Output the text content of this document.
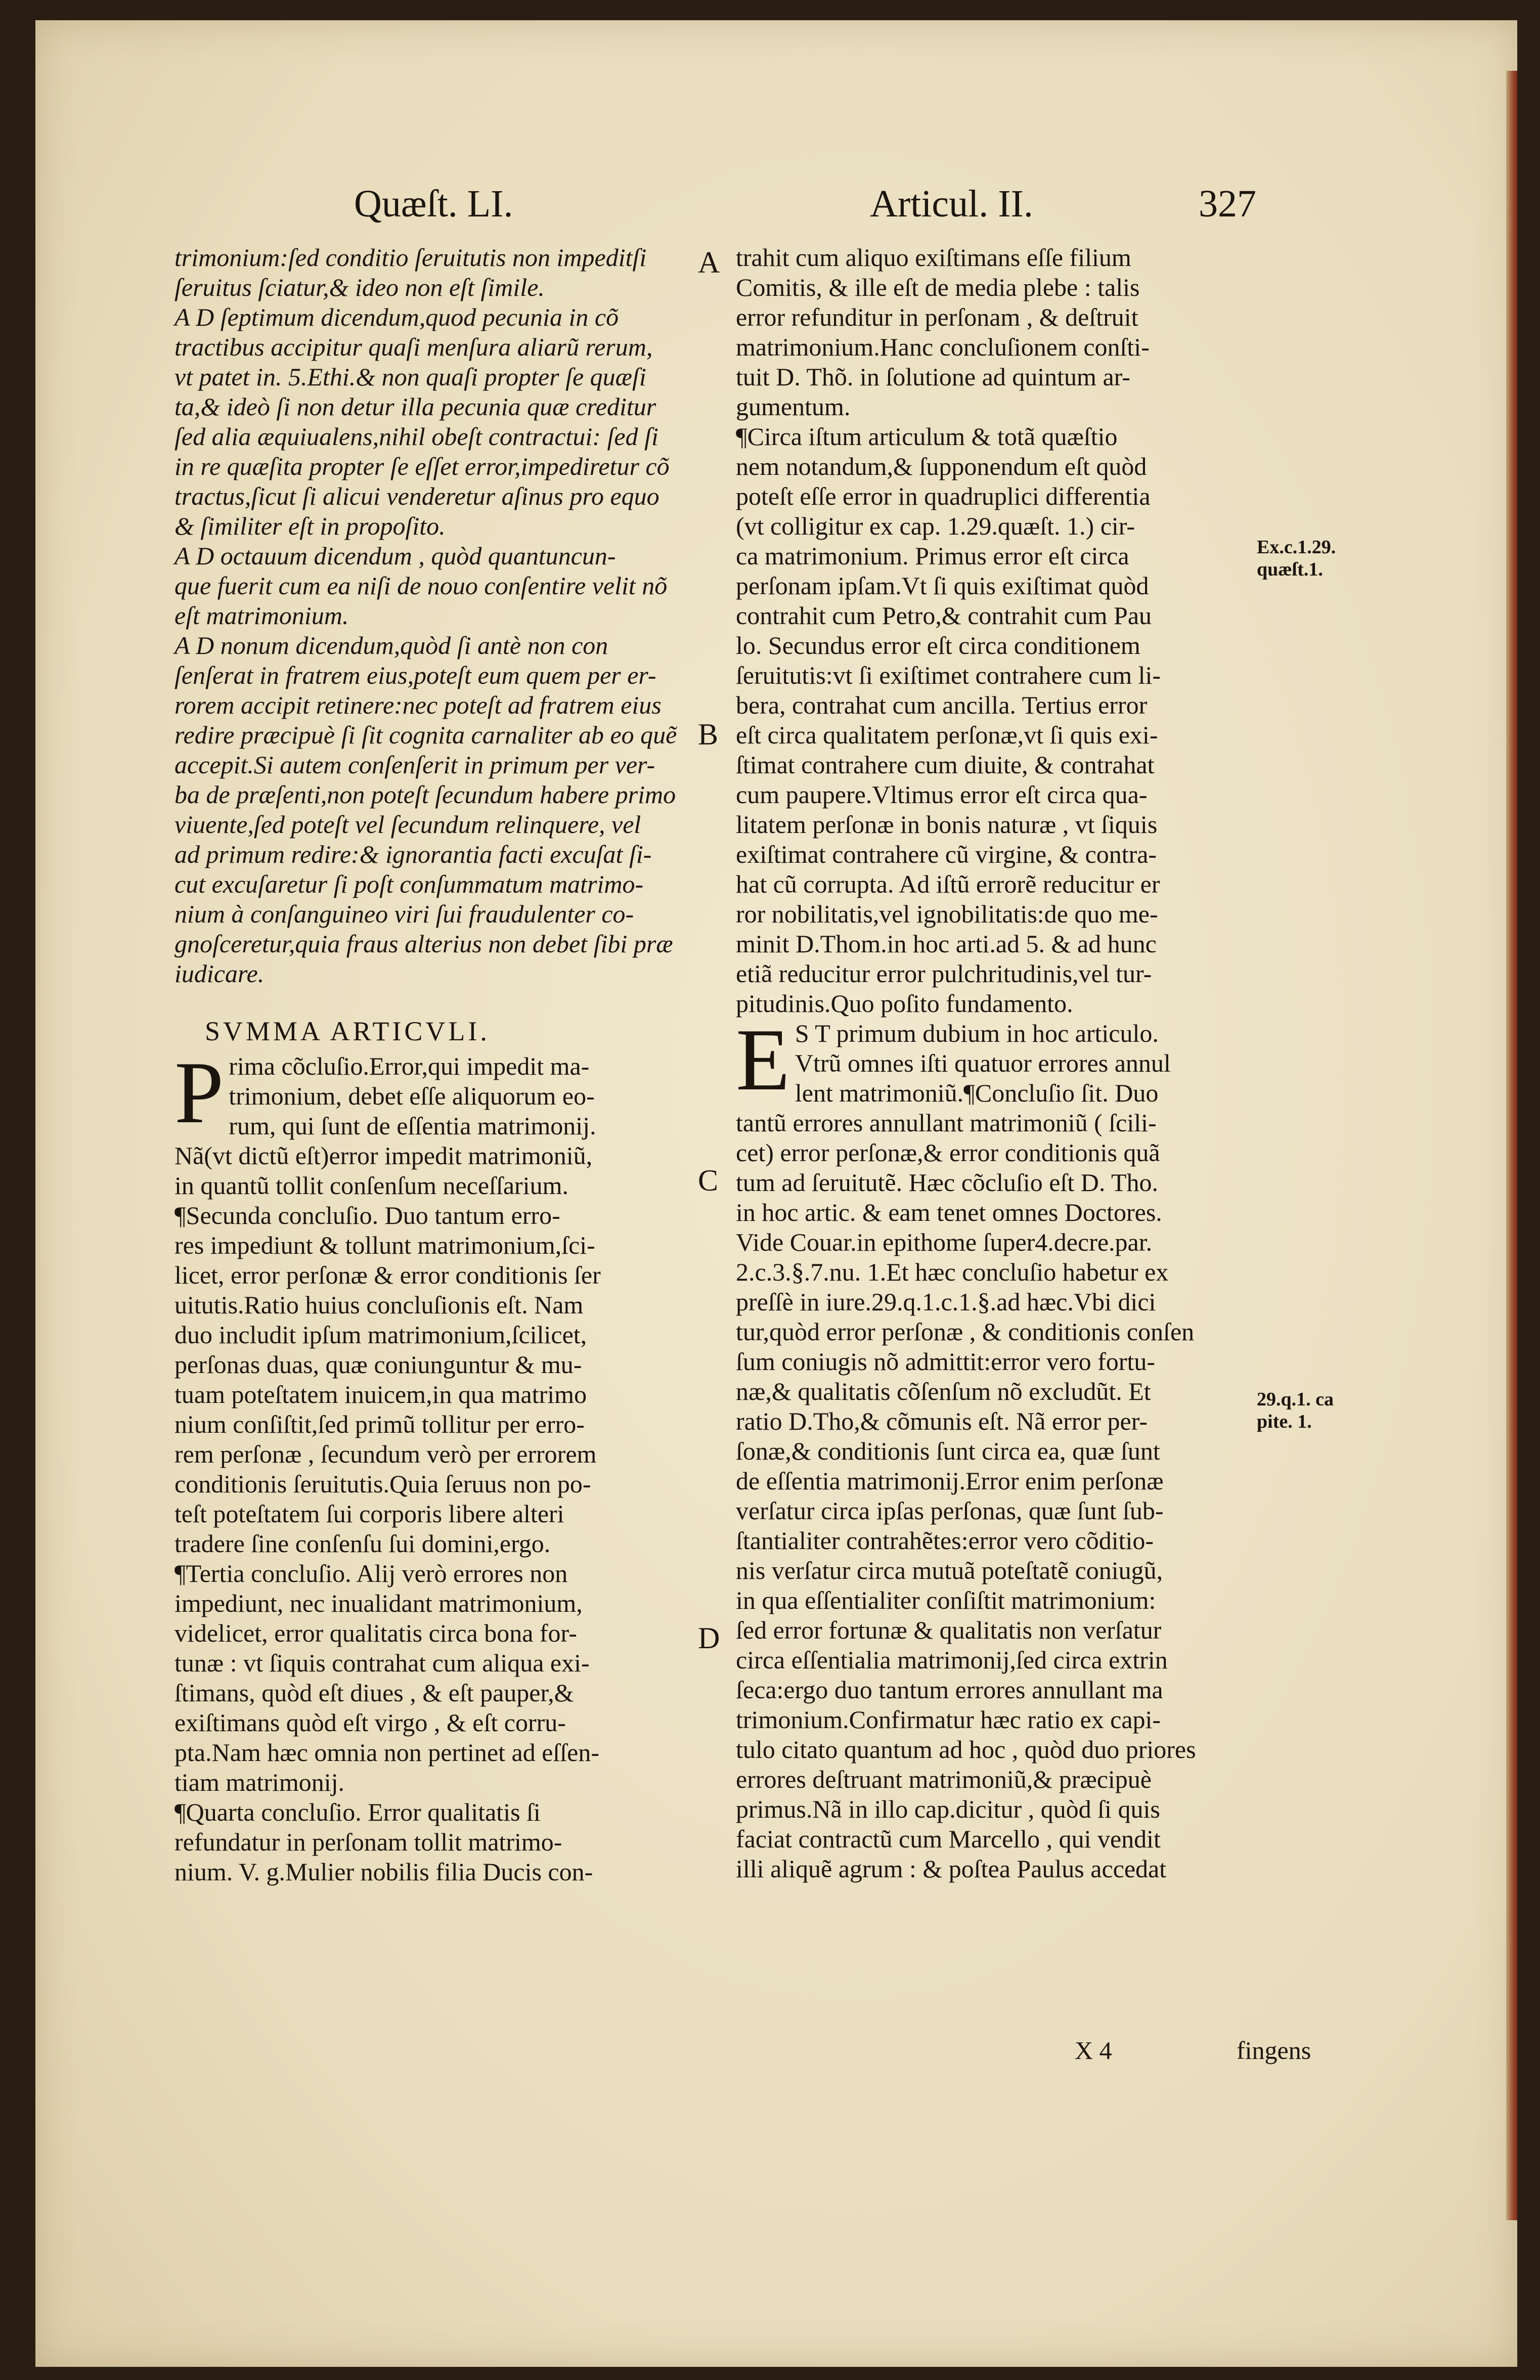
Quæſt. LI.	Articul. II.	327
trimonium:ſed conditio ſeruitutis non impeditſi
ſeruitus ſciatur,& ideo non eſt ſimile.
A D ſeptimum dicendum,quod pecunia in cõ
tractibus accipitur quaſi menſura aliarũ rerum,
vt patet in. 5.Ethi.& non quaſi propter ſe quæſi
ta,& ideò ſi non detur illa pecunia quæ creditur
ſed alia æquiualens,nihil obeſt contractui: ſed ſi
in re quæſita propter ſe eſſet error,impediretur cõ
tractus,ſicut ſi alicui venderetur aſinus pro equo
& ſimiliter eſt in propoſito.
A D octauum dicendum , quòd quantuncun-
que fuerit cum ea niſi de nouo conſentire velit nõ
eſt matrimonium.
A D nonum dicendum,quòd ſi antè non con
ſenſerat in fratrem eius,poteſt eum quem per er-
rorem accipit retinere:nec poteſt ad fratrem eius
redire præcipuè ſi ſit cognita carnaliter ab eo quẽ
accepit.Si autem conſenſerit in primum per ver-
ba de præſenti,non poteſt ſecundum habere primo
viuente,ſed poteſt vel ſecundum relinquere, vel
ad primum redire:& ignorantia facti excuſat ſi-
cut excuſaretur ſi poſt conſummatum matrimo-
nium à conſanguineo viri ſui fraudulenter co-
gnoſceretur,quia fraus alterius non debet ſibi præ
iudicare.
SVMMA ARTICVLI.
P rima cõcluſio.Error,qui impedit ma-
trimonium, debet eſſe aliquorum eo-
rum, qui ſunt de eſſentia matrimonij.
Nã(vt dictũ eſt)error impedit matrimoniũ,
in quantũ tollit conſenſum neceſſarium.
¶Secunda concluſio. Duo tantum erro-
res impediunt & tollunt matrimonium,ſci-
licet, error perſonæ & error conditionis ſer
uitutis.Ratio huius concluſionis eſt. Nam
duo includit ipſum matrimonium,ſcilicet,
perſonas duas, quæ coniunguntur & mu-
tuam poteſtatem inuicem,in qua matrimo
nium conſiſtit,ſed primũ tollitur per erro-
rem perſonæ , ſecundum verò per errorem
conditionis ſeruitutis.Quia ſeruus non po-
teſt poteſtatem ſui corporis libere alteri
tradere ſine conſenſu ſui domini,ergo.
¶Tertia concluſio. Alij verò errores non
impediunt, nec inualidant matrimonium,
videlicet, error qualitatis circa bona for-
tunæ : vt ſiquis contrahat cum aliqua exi-
ſtimans, quòd eſt diues , & eſt pauper,&
exiſtimans quòd eſt virgo , & eſt corru-
pta.Nam hæc omnia non pertinet ad eſſen-
tiam matrimonij.
¶Quarta concluſio. Error qualitatis ſi
refundatur in perſonam tollit matrimo-
nium. V. g.Mulier nobilis filia Ducis con-
trahit cum aliquo exiſtimans eſſe filium
Comitis, & ille eſt de media plebe : talis
error refunditur in perſonam , & deſtruit
matrimonium.Hanc concluſionem conſti-
tuit D. Thõ. in ſolutione ad quintum ar-
gumentum.
¶Circa iſtum articulum & totã quæſtio
nem notandum,& ſupponendum eſt quòd
poteſt eſſe error in quadruplici differentia
(vt colligitur ex cap. 1.29.quæſt. 1.) cir-
ca matrimonium. Primus error eſt circa
perſonam ipſam.Vt ſi quis exiſtimat quòd
contrahit cum Petro,& contrahit cum Pau
lo. Secundus error eſt circa conditionem
ſeruitutis:vt ſi exiſtimet contrahere cum li-
bera, contrahat cum ancilla. Tertius error
eſt circa qualitatem perſonæ,vt ſi quis exi-
ſtimat contrahere cum diuite, & contrahat
cum paupere.Vltimus error eſt circa qua-
litatem perſonæ in bonis naturæ , vt ſiquis
exiſtimat contrahere cũ virgine, & contra-
hat cũ corrupta. Ad iſtũ errorẽ reducitur er
ror nobilitatis,vel ignobilitatis:de quo me-
minit D.Thom.in hoc arti.ad 5. & ad hunc
etiã reducitur error pulchritudinis,vel tur-
pitudinis.Quo poſito fundamento.
E S T primum dubium in hoc articulo.
Vtrũ omnes iſti quatuor errores annul
lent matrimoniũ.¶Concluſio ſit. Duo
tantũ errores annullant matrimoniũ ( ſcili-
cet) error perſonæ,& error conditionis quã
tum ad ſeruitutẽ. Hæc cõcluſio eſt D. Tho.
in hoc artic. & eam tenet omnes Doctores.
Vide Couar.in epithome ſuper4.decre.par.
2.c.3.§.7.nu. 1.Et hæc concluſio habetur ex
preſſè in iure.29.q.1.c.1.§.ad hæc.Vbi dici
tur,quòd error perſonæ , & conditionis conſen
ſum coniugis nõ admittit:error vero fortu-
næ,& qualitatis cõſenſum nõ excludũt. Et
ratio D.Tho,& cõmunis eſt. Nã error per-
ſonæ,& conditionis ſunt circa ea, quæ ſunt
de eſſentia matrimonij.Error enim perſonæ
verſatur circa ipſas perſonas, quæ ſunt ſub-
ſtantialiter contrahẽtes:error vero cõditio-
nis verſatur circa mutuã poteſtatẽ coniugũ,
in qua eſſentialiter conſiſtit matrimonium:
ſed error fortunæ & qualitatis non verſatur
circa eſſentialia matrimonij,ſed circa extrin
ſeca:ergo duo tantum errores annullant ma
trimonium.Confirmatur hæc ratio ex capi-
tulo citato quantum ad hoc , quòd duo priores
errores deſtruant matrimoniũ,& præcipuè
primus.Nã in illo cap.dicitur , quòd ſi quis
faciat contractũ cum Marcello , qui vendit
illi aliquẽ agrum : & poſtea Paulus accedat
A
B
C
D
Ex.c.1.29.
quæſt.1.
29.q.1. ca
pite. 1.
X 4	fingens
